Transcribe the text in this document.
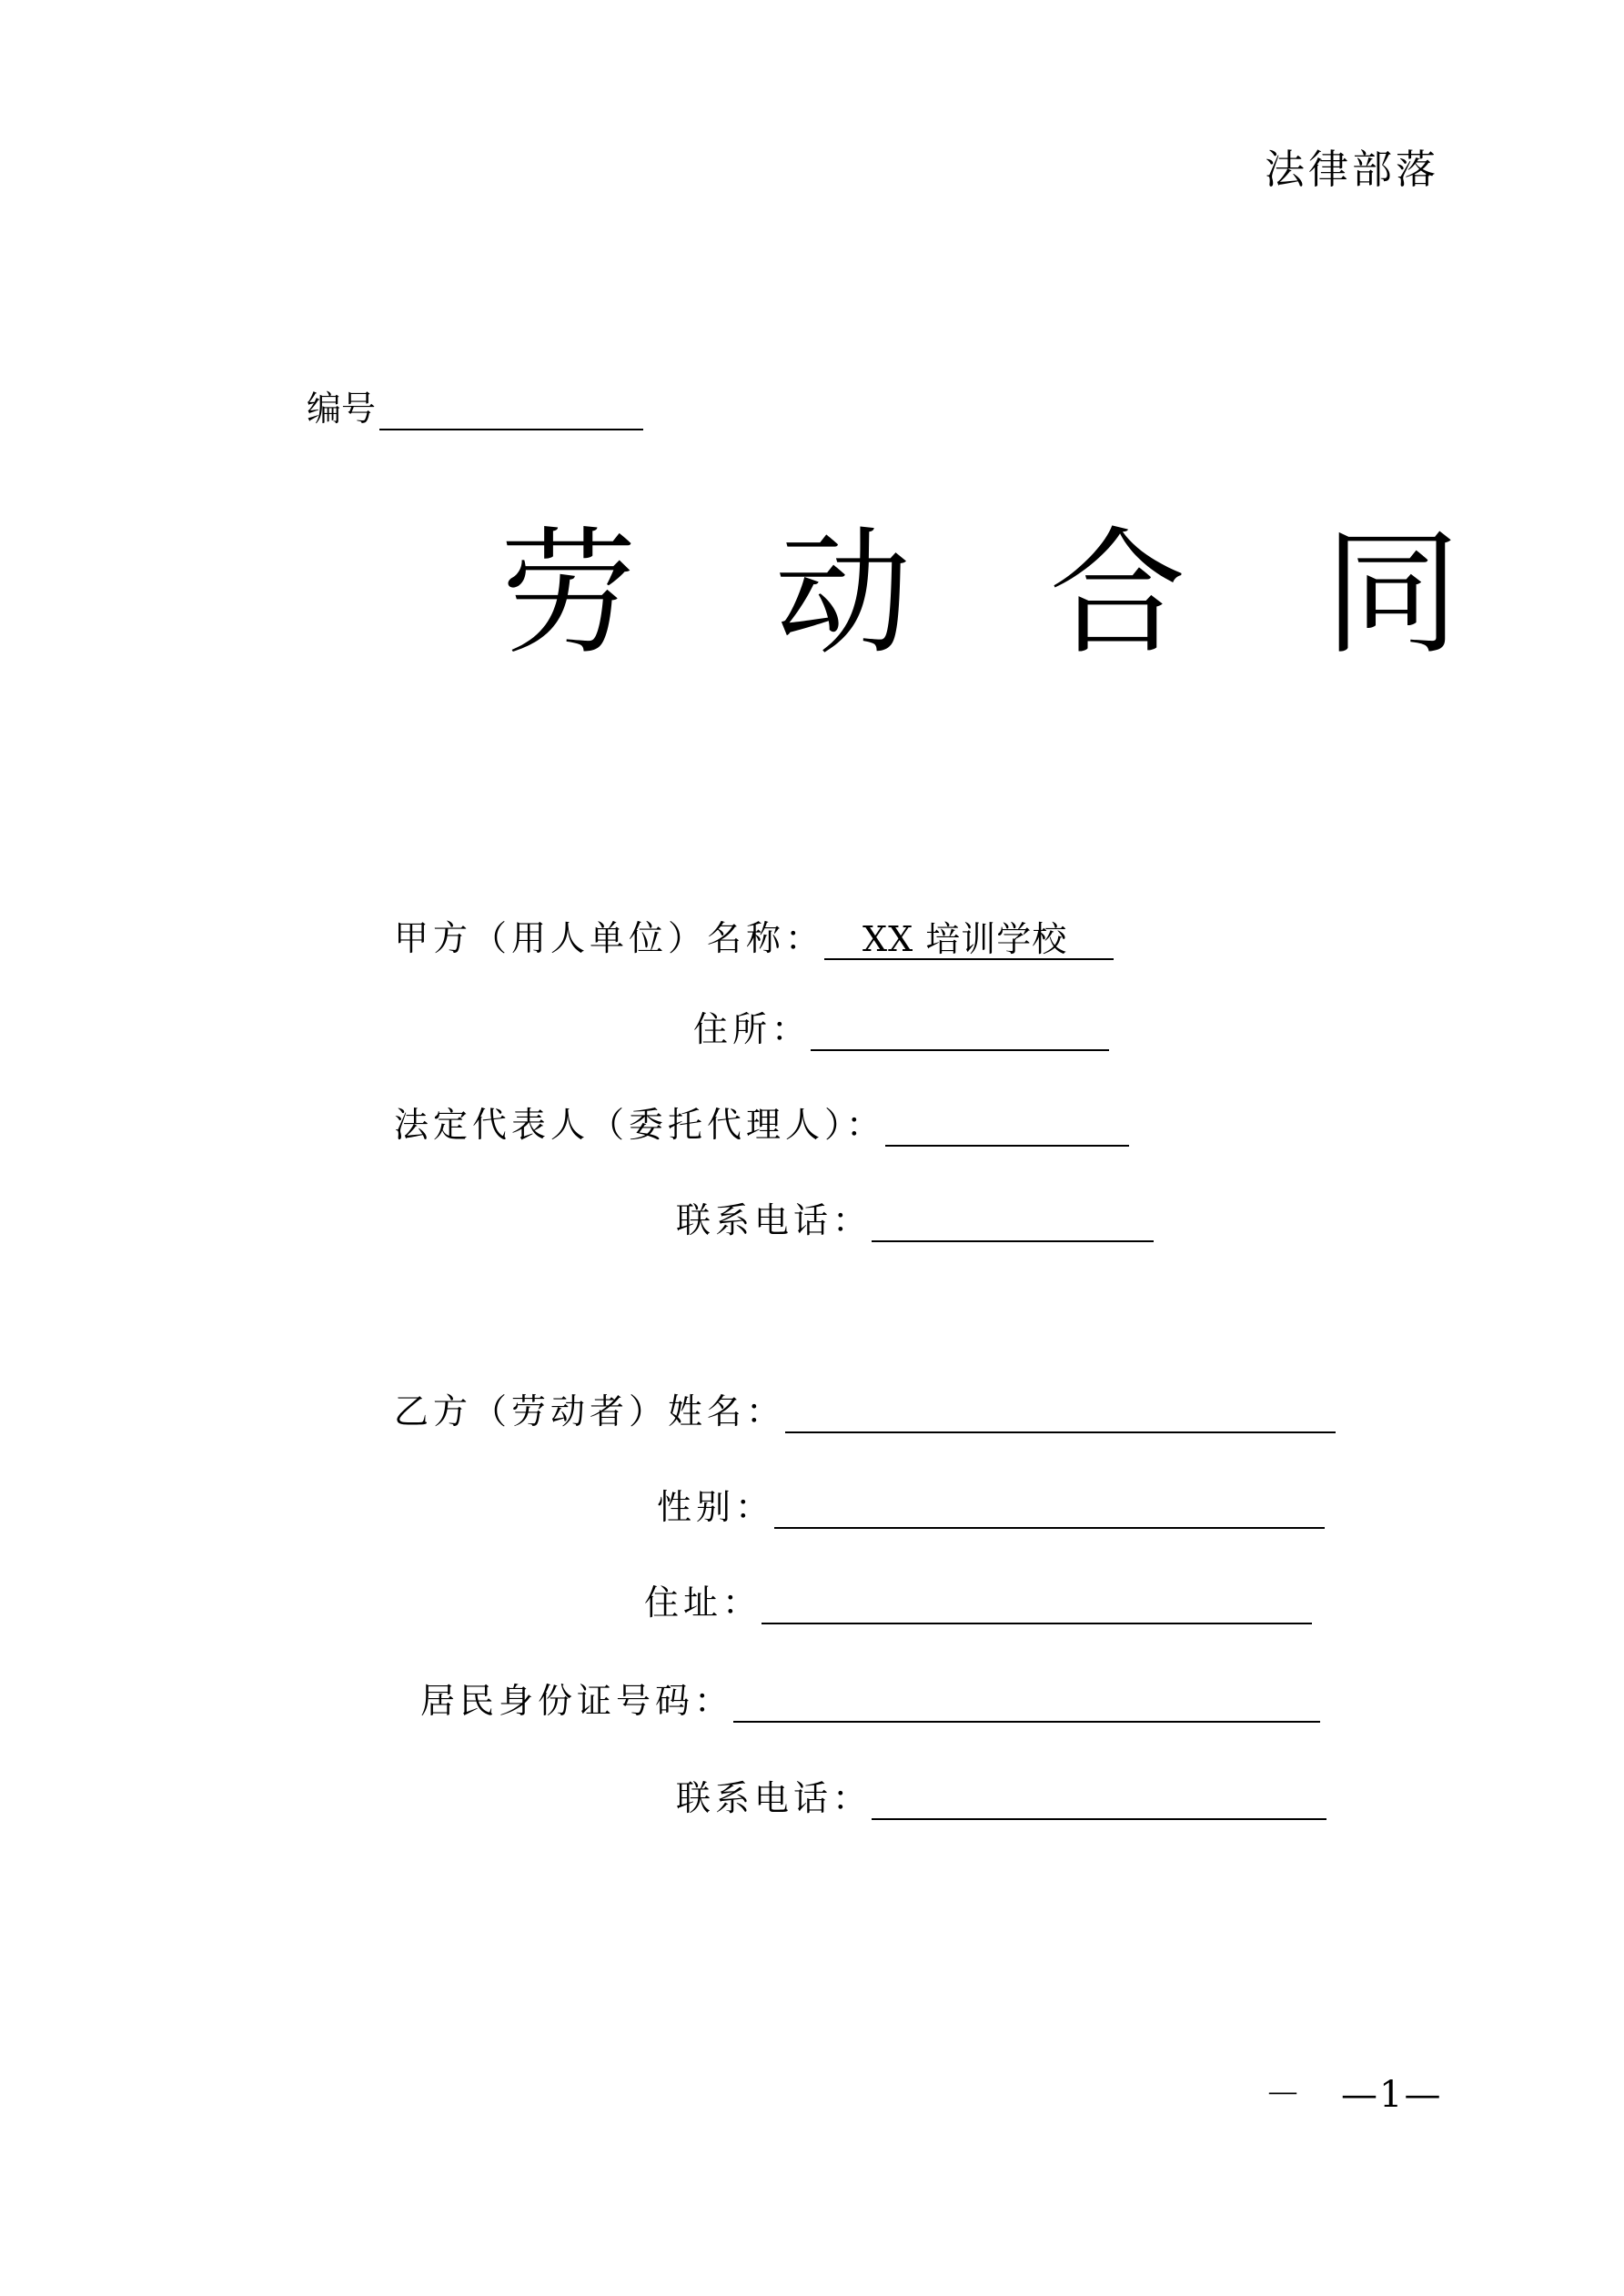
法律部落
编号
劳 动 合 同
甲方（用人单位）名称：	XX 培训学校
住所：
法定代表人（委托代理人）：
联系电话：
乙方（劳动者）姓名：
性别：
住址：
居民身份证号码：
联系电话：
－　—1—
